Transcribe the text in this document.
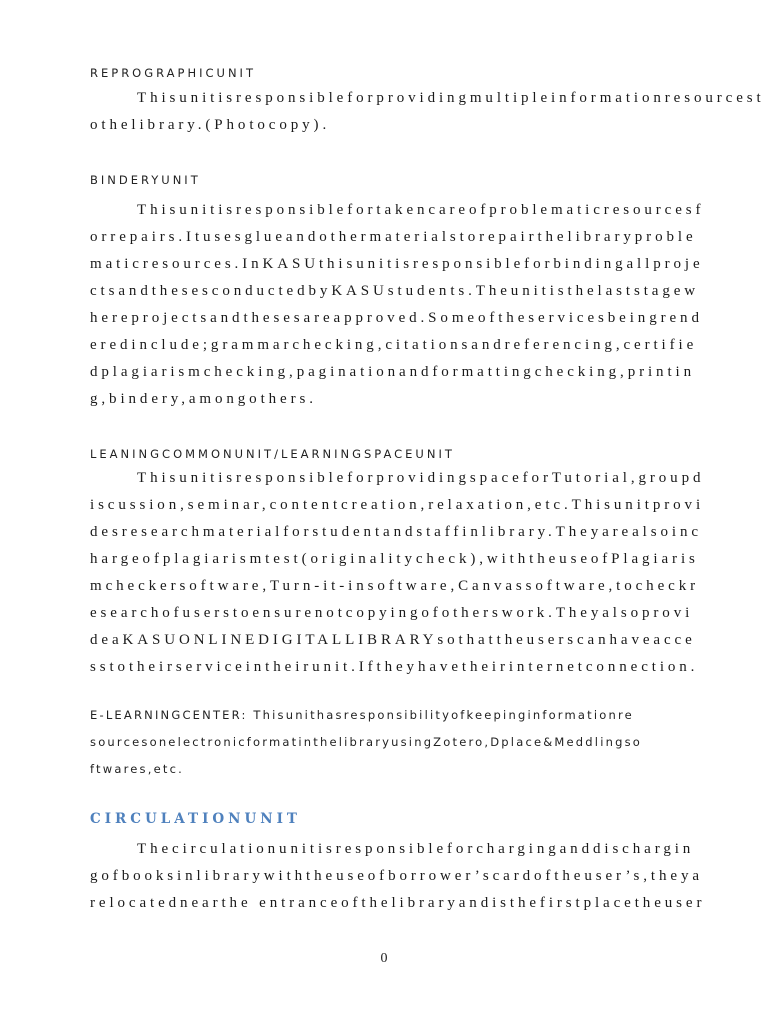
REPROGRAPHICUNIT
Thisunitisresponsibleforprovidingmultipleinformationresourcest
othelibrary.(Photocopy).
BINDERYUNIT
Thisunitisresponsiblefortakencareofproblematicresourcesf
orrepairs.Itusesglueandothermaterialstorepairthelibraryproble
maticresources.InKASUthisunitisresponsibleforbindingallproje
ctsandthesesconductedbyKASUstudents.Theunitisthelaststagew
hereprojectsandthesesareapproved.Someoftheservicesbeingrend
eredinclude;grammarchecking,citationsandreferencing,certifie
dplagiarismchecking,paginationandformattingchecking,printin
g,bindery,amongothers.
LEANINGCOMMONUNIT/LEARNINGSPACEUNIT
ThisunitisresponsibleforprovidingspaceforTutorial,groupd
iscussion,seminar,contentcreation,relaxation,etc.Thisunitprovi
desresearchmaterialforstudentandstaffinlibrary.Theyarealsoinc
hargeofplagiarismtest(originalitycheck),withtheuseofPlagiaris
mcheckersoftware,Turn-it-insoftware,Canvassoftware,tocheckr
esearchofuserstoensurenotcopyingofotherswork.Theyalsoprovi
deaKASUONLINEDIGITALLIBRARYsothattheuserscanhaveacce
sstotheirserviceintheirunit.Iftheyhavetheirinternetconnection.
E-LEARNINGCENTER: Thisunithasresponsibilityofkeepinginformationre
sourcesonelectronicformatinthelibraryusingZotero,Dplace&Meddlingso
ftwares,etc.
CIRCULATIONUNIT
Thecirculationunitisresponsibleforcharginganddischargin
gofbooksinlibrarywiththeuseofborrower’scardoftheuser’s,theya
relocatednearthe entranceofthelibraryandisthefirstplacetheuser
0
